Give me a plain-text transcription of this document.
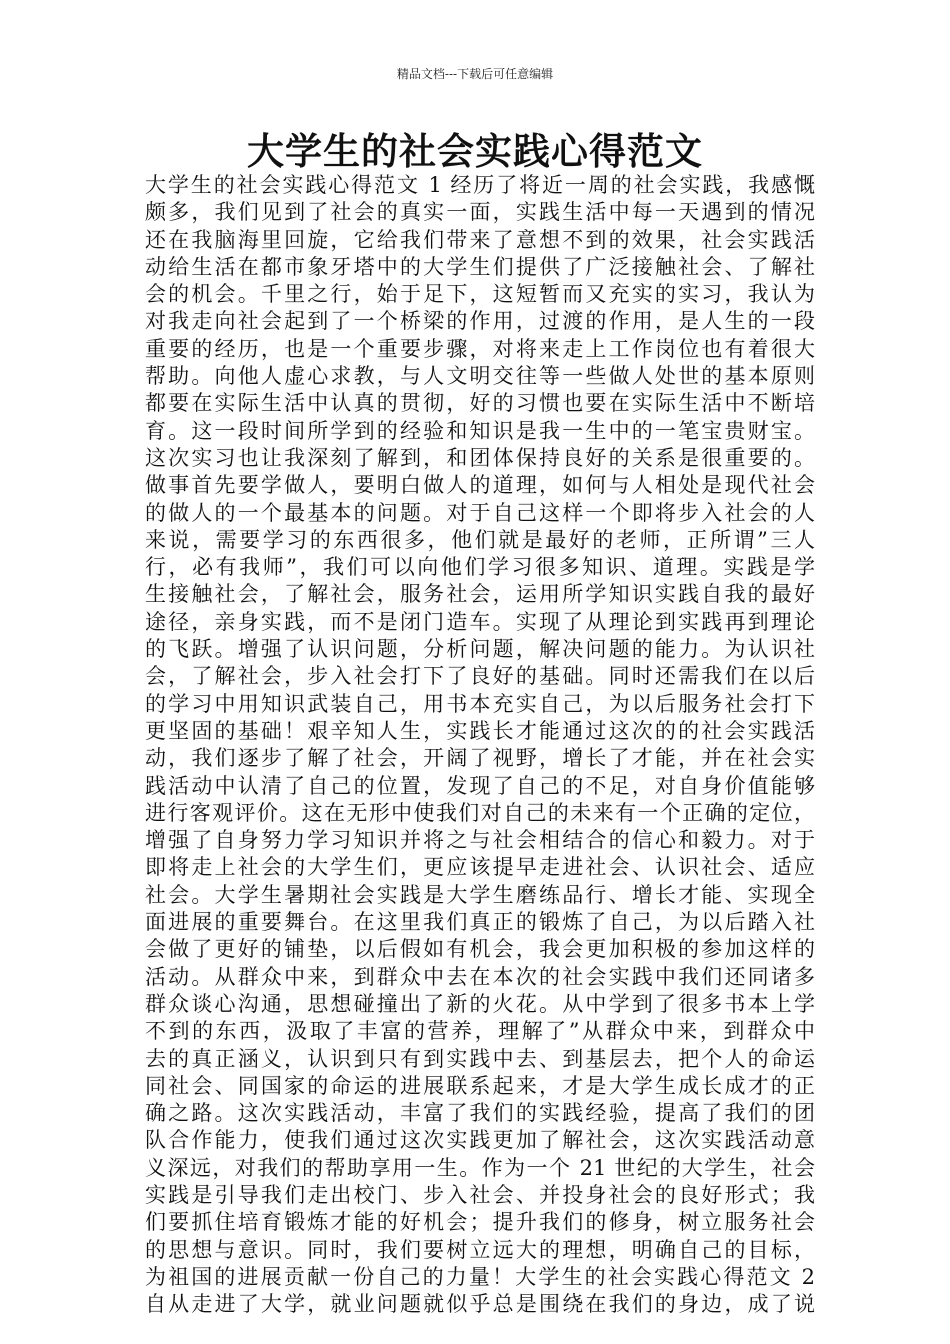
精品文档---下载后可任意编辑
大学生的社会实践心得范文
大学生的社会实践心得范文 1 经历了将近一周的社会实践，我感慨
颇多，我们见到了社会的真实一面，实践生活中每一天遇到的情况
还在我脑海里回旋，它给我们带来了意想不到的效果，社会实践活
动给生活在都市象牙塔中的大学生们提供了广泛接触社会、了解社
会的机会。千里之行，始于足下，这短暂而又充实的实习，我认为
对我走向社会起到了一个桥梁的作用，过渡的作用，是人生的一段
重要的经历，也是一个重要步骤，对将来走上工作岗位也有着很大
帮助。向他人虚心求教，与人文明交往等一些做人处世的基本原则
都要在实际生活中认真的贯彻，好的习惯也要在实际生活中不断培
育。这一段时间所学到的经验和知识是我一生中的一笔宝贵财宝。
这次实习也让我深刻了解到，和团体保持良好的关系是很重要的。
做事首先要学做人，要明白做人的道理，如何与人相处是现代社会
的做人的一个最基本的问题。对于自己这样一个即将步入社会的人
来说，需要学习的东西很多，他们就是最好的老师，正所谓”三人
行，必有我师”，我们可以向他们学习很多知识、道理。实践是学
生接触社会，了解社会，服务社会，运用所学知识实践自我的最好
途径，亲身实践，而不是闭门造车。实现了从理论到实践再到理论
的飞跃。增强了认识问题，分析问题，解决问题的能力。为认识社
会，了解社会，步入社会打下了良好的基础。同时还需我们在以后
的学习中用知识武装自己，用书本充实自己，为以后服务社会打下
更坚固的基础！艰辛知人生，实践长才能通过这次的的社会实践活
动，我们逐步了解了社会，开阔了视野，增长了才能，并在社会实
践活动中认清了自己的位置，发现了自己的不足，对自身价值能够
进行客观评价。这在无形中使我们对自己的未来有一个正确的定位，
增强了自身努力学习知识并将之与社会相结合的信心和毅力。对于
即将走上社会的大学生们，更应该提早走进社会、认识社会、适应
社会。大学生暑期社会实践是大学生磨练品行、增长才能、实现全
面进展的重要舞台。在这里我们真正的锻炼了自己，为以后踏入社
会做了更好的铺垫，以后假如有机会，我会更加积极的参加这样的
活动。从群众中来，到群众中去在本次的社会实践中我们还同诸多
群众谈心沟通，思想碰撞出了新的火花。从中学到了很多书本上学
不到的东西，汲取了丰富的营养，理解了”从群众中来，到群众中
去的真正涵义，认识到只有到实践中去、到基层去，把个人的命运
同社会、同国家的命运的进展联系起来，才是大学生成长成才的正
确之路。这次实践活动，丰富了我们的实践经验，提高了我们的团
队合作能力，使我们通过这次实践更加了解社会，这次实践活动意
义深远，对我们的帮助享用一生。作为一个 21 世纪的大学生，社会
实践是引导我们走出校门、步入社会、并投身社会的良好形式；我
们要抓住培育锻炼才能的好机会；提升我们的修身，树立服务社会
的思想与意识。同时，我们要树立远大的理想，明确自己的目标，
为祖国的进展贡献一份自己的力量！大学生的社会实践心得范文 2
自从走进了大学，就业问题就似乎总是围绕在我们的身边，成了说
